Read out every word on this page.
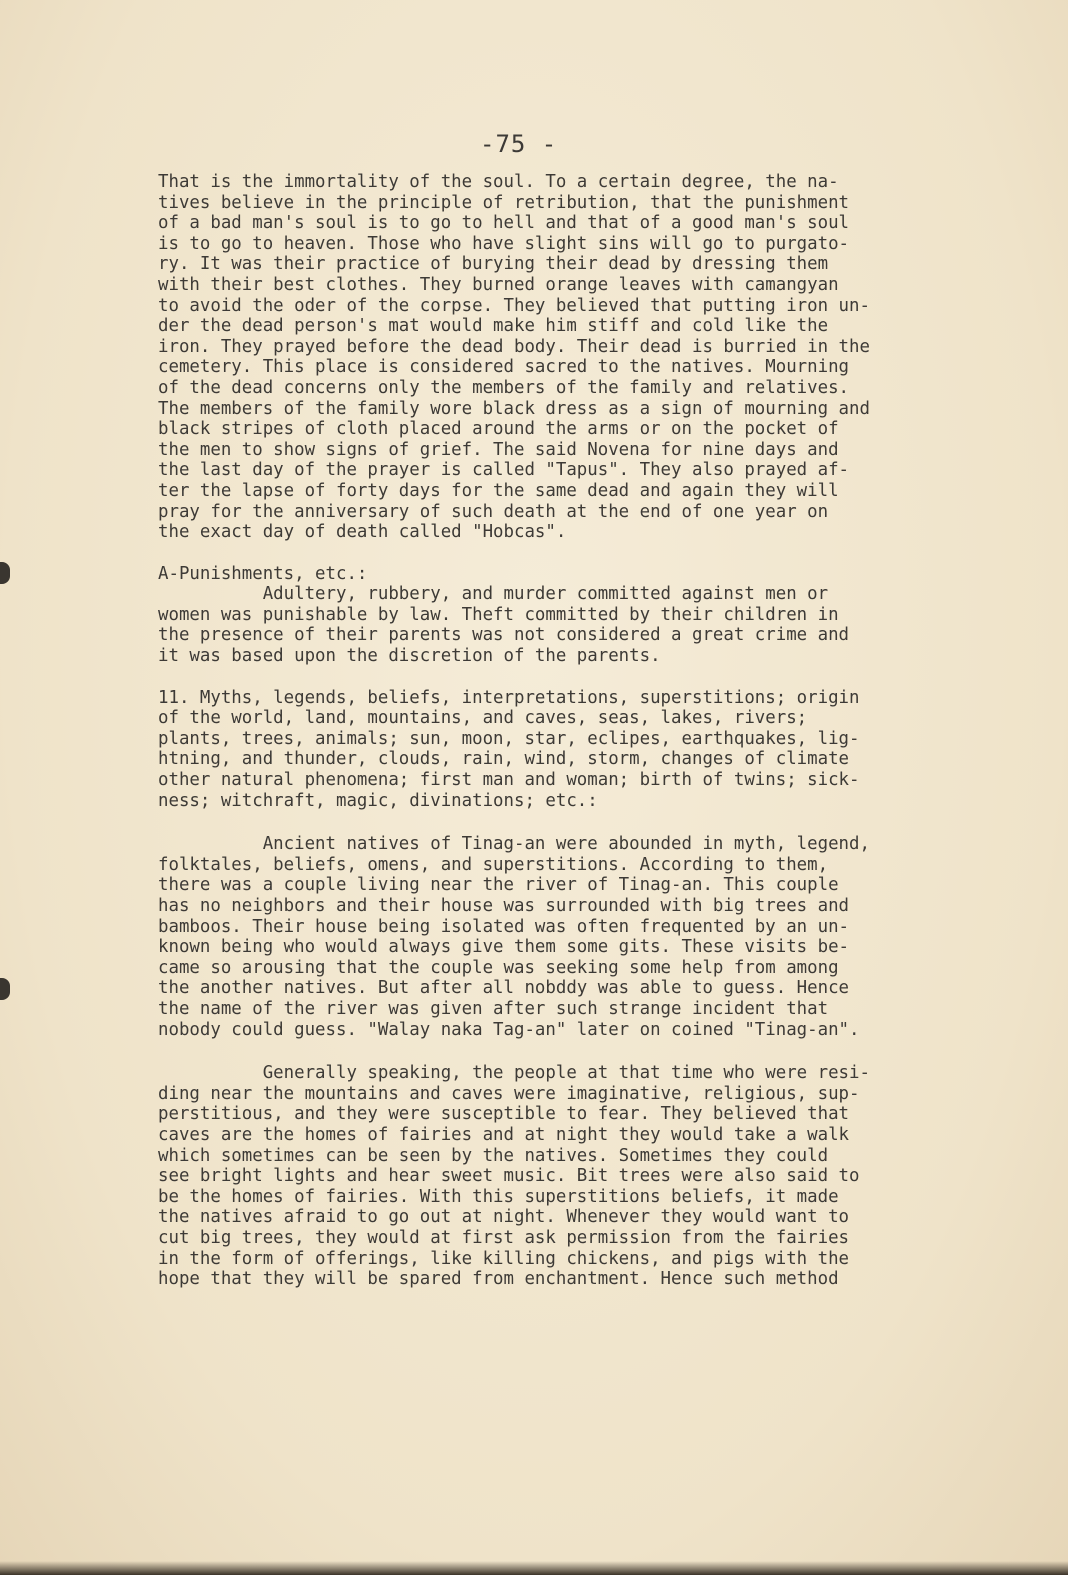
-75 -
That is the immortality of the soul. To a certain degree, the na-
tives believe in the principle of retribution, that the punishment
of a bad man's soul is to go to hell and that of a good man's soul
is to go to heaven. Those who have slight sins will go to purgato-
ry. It was their practice of burying their dead by dressing them
with their best clothes. They burned orange leaves with camangyan
to avoid the oder of the corpse. They believed that putting iron un-
der the dead person's mat would make him stiff and cold like the
iron. They prayed before the dead body. Their dead is burried in the
cemetery. This place is considered sacred to the natives. Mourning
of the dead concerns only the members of the family and relatives.
The members of the family wore black dress as a sign of mourning and
black stripes of cloth placed around the arms or on the pocket of
the men to show signs of grief. The said Novena for nine days and
the last day of the prayer is called "Tapus". They also prayed af-
ter the lapse of forty days for the same dead and again they will
pray for the anniversary of such death at the end of one year on
the exact day of death called "Hobcas".
A-Punishments, etc.:
Adultery, rubbery, and murder committed against men or
women was punishable by law. Theft committed by their children in
the presence of their parents was not considered a great crime and
it was based upon the discretion of the parents.
11. Myths, legends, beliefs, interpretations, superstitions; origin
of the world, land, mountains, and caves, seas, lakes, rivers;
plants, trees, animals; sun, moon, star, eclipes, earthquakes, lig-
htning, and thunder, clouds, rain, wind, storm, changes of climate
other natural phenomena; first man and woman; birth of twins; sick-
ness; witchraft, magic, divinations; etc.:
Ancient natives of Tinag-an were abounded in myth, legend,
folktales, beliefs, omens, and superstitions. According to them,
there was a couple living near the river of Tinag-an. This couple
has no neighbors and their house was surrounded with big trees and
bamboos. Their house being isolated was often frequented by an un-
known being who would always give them some gits. These visits be-
came so arousing that the couple was seeking some help from among
the another natives. But after all nobddy was able to guess. Hence
the name of the river was given after such strange incident that
nobody could guess. "Walay naka Tag-an" later on coined "Tinag-an".
Generally speaking, the people at that time who were resi-
ding near the mountains and caves were imaginative, religious, sup-
perstitious, and they were susceptible to fear. They believed that
caves are the homes of fairies and at night they would take a walk
which sometimes can be seen by the natives. Sometimes they could
see bright lights and hear sweet music. Bit trees were also said to
be the homes of fairies. With this superstitions beliefs, it made
the natives afraid to go out at night. Whenever they would want to
cut big trees, they would at first ask permission from the fairies
in the form of offerings, like killing chickens, and pigs with the
hope that they will be spared from enchantment. Hence such method
